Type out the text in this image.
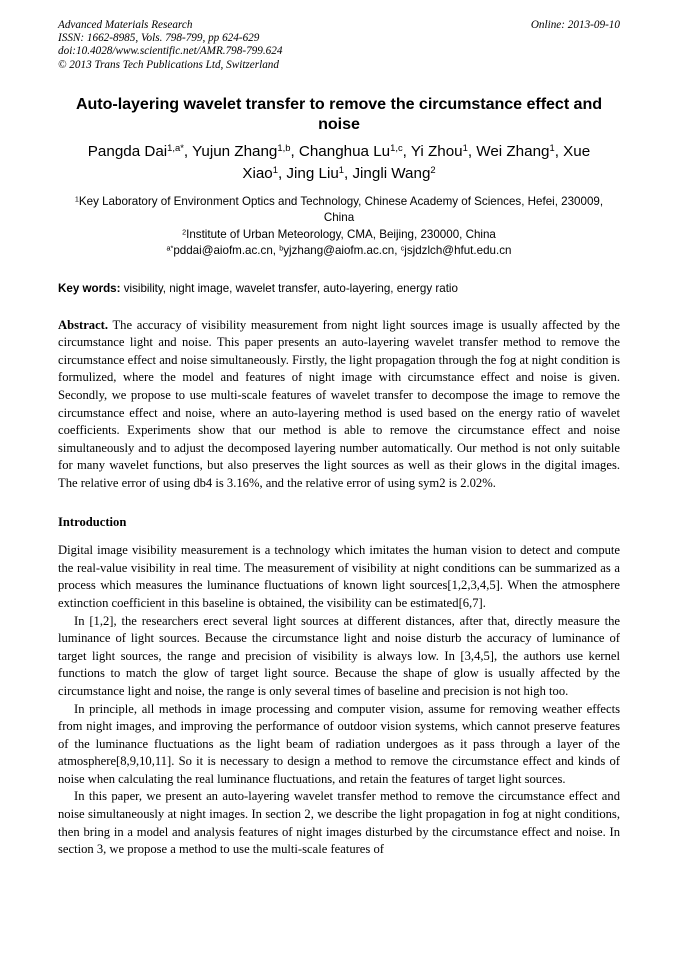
Advanced Materials Research
ISSN: 1662-8985, Vols. 798-799, pp 624-629
doi:10.4028/www.scientific.net/AMR.798-799.624
© 2013 Trans Tech Publications Ltd, Switzerland
Online: 2013-09-10
Auto-layering wavelet transfer to remove the circumstance effect and noise
Pangda Dai$^{1,a*}$, Yujun Zhang$^{1,b}$, Changhua Lu$^{1,c}$, Yi Zhou$^1$, Wei Zhang$^1$, Xue Xiao$^1$, Jing Liu$^1$, Jingli Wang$^2$
$^1$Key Laboratory of Environment Optics and Technology, Chinese Academy of Sciences, Hefei, 230009, China
$^2$Institute of Urban Meteorology, CMA, Beijing, 230000, China
$^{a*}$pddai@aiofm.ac.cn, $^b$yjzhang@aiofm.ac.cn, $^c$jsjdzlch@hfut.edu.cn
Key words: visibility, night image, wavelet transfer, auto-layering, energy ratio
Abstract. The accuracy of visibility measurement from night light sources image is usually affected by the circumstance light and noise. This paper presents an auto-layering wavelet transfer method to remove the circumstance effect and noise simultaneously. Firstly, the light propagation through the fog at night condition is formulized, where the model and features of night image with circumstance effect and noise is given. Secondly, we propose to use multi-scale features of wavelet transfer to decompose the image to remove the circumstance effect and noise, where an auto-layering method is used based on the energy ratio of wavelet coefficients. Experiments show that our method is able to remove the circumstance effect and noise simultaneously and to adjust the decomposed layering number automatically. Our method is not only suitable for many wavelet functions, but also preserves the light sources as well as their glows in the digital images. The relative error of using db4 is 3.16%, and the relative error of using sym2 is 2.02%.
Introduction

Digital image visibility measurement is a technology which imitates the human vision to detect and compute the real-value visibility in real time. The measurement of visibility at night conditions can be summarized as a process which measures the luminance fluctuations of known light sources[1,2,3,4,5]. When the atmosphere extinction coefficient in this baseline is obtained, the visibility can be estimated[6,7].

In [1,2], the researchers erect several light sources at different distances, after that, directly measure the luminance of light sources. Because the circumstance light and noise disturb the accuracy of luminance of target light sources, the range and precision of visibility is always low. In [3,4,5], the authors use kernel functions to match the glow of target light source. Because the shape of glow is usually affected by the circumstance light and noise, the range is only several times of baseline and precision is not high too.

In principle, all methods in image processing and computer vision, assume for removing weather effects from night images, and improving the performance of outdoor vision systems, which cannot preserve features of the luminance fluctuations as the light beam of radiation undergoes as it pass through a layer of the atmosphere[8,9,10,11]. So it is necessary to design a method to remove the circumstance effect and kinds of noise when calculating the real luminance fluctuations, and retain the features of target light sources.

In this paper, we present an auto-layering wavelet transfer method to remove the circumstance effect and noise simultaneously at night images. In section 2, we describe the light propagation in fog at night conditions, then bring in a model and analysis features of night images disturbed by the circumstance effect and noise. In section 3, we propose a method to use the multi-scale features of
